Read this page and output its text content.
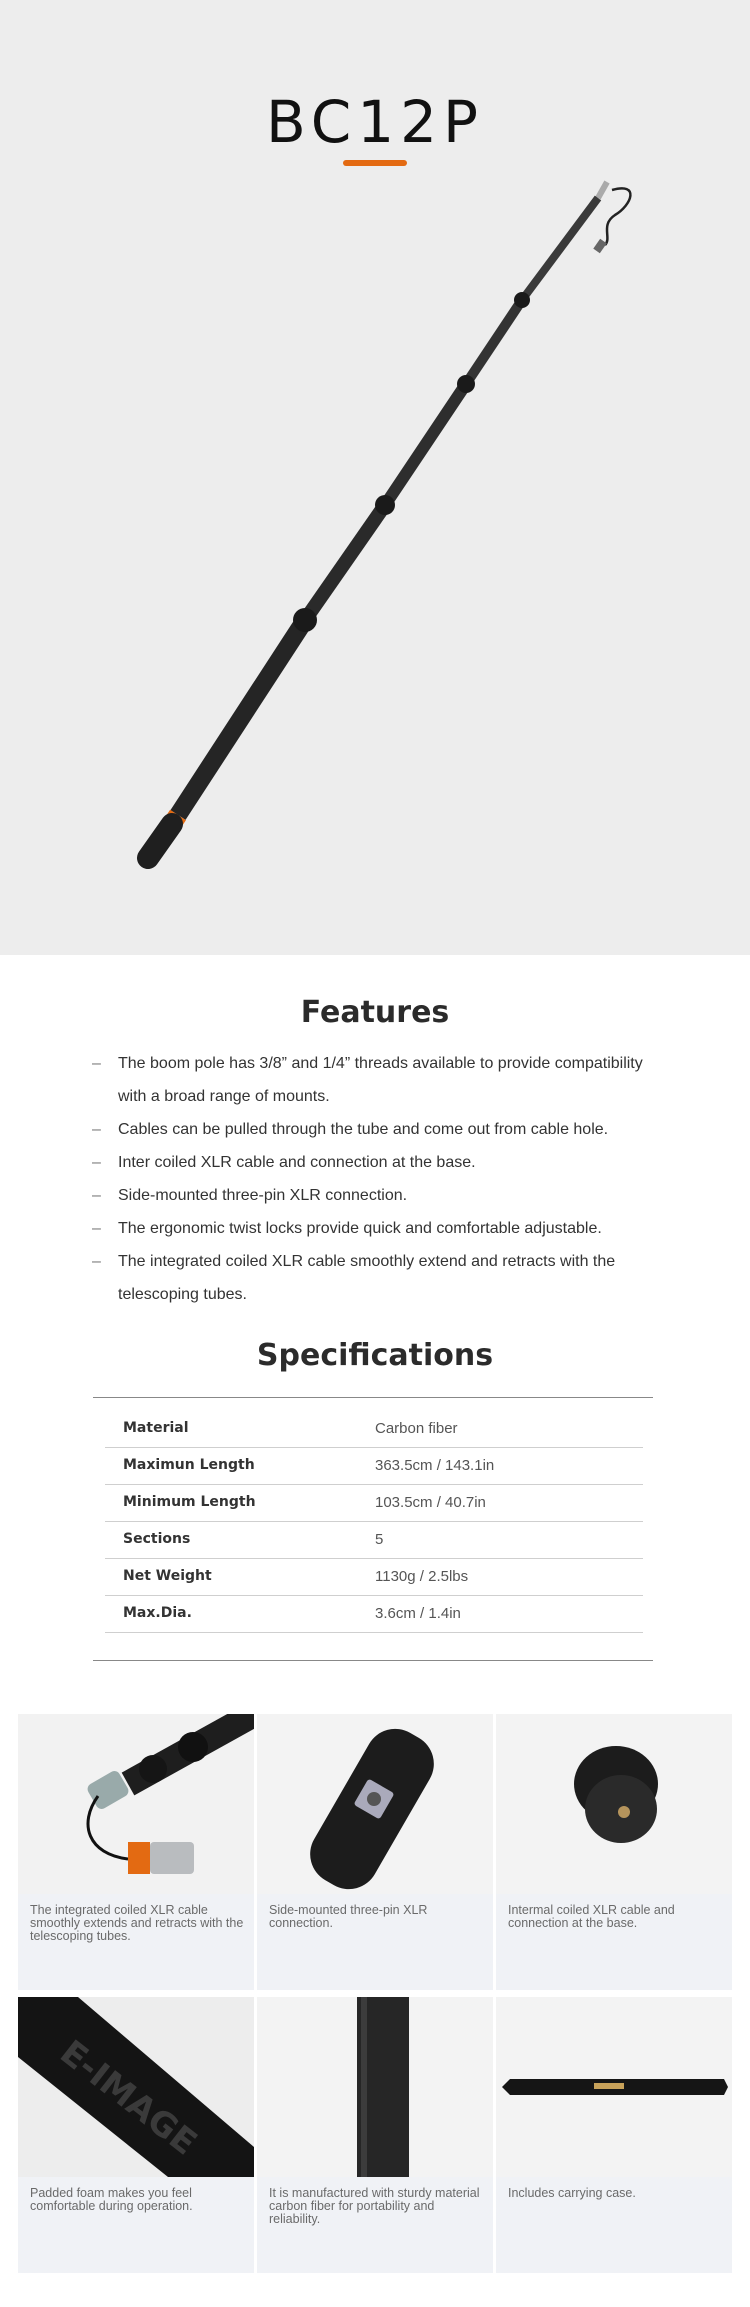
BC12P
Features
– The boom pole has 3/8” and 1/4” threads available to provide compatibility with a broad range of mounts.
– Cables can be pulled through the tube and come out from cable hole.
– Inter coiled XLR cable and connection at the base.
– Side-mounted three-pin XLR connection.
– The ergonomic twist locks provide quick and comfortable adjustable.
– The integrated coiled XLR cable smoothly extend and retracts with the telescoping tubes.
Specifications
Material	Carbon fiber
Maximun Length	363.5cm / 143.1in
Minimum Length	103.5cm / 40.7in
Sections	5
Net Weight	1130g / 2.5lbs
Max.Dia.	3.6cm / 1.4in
The integrated coiled XLR cable smoothly extends and retracts with the telescoping tubes.
Side-mounted three-pin XLR connection.
Intermal coiled XLR cable and connection at the base.
E-IMAGE
Padded foam makes you feel comfortable during operation.
It is manufactured with sturdy material carbon fiber for portability and reliability.
Includes carrying case.
